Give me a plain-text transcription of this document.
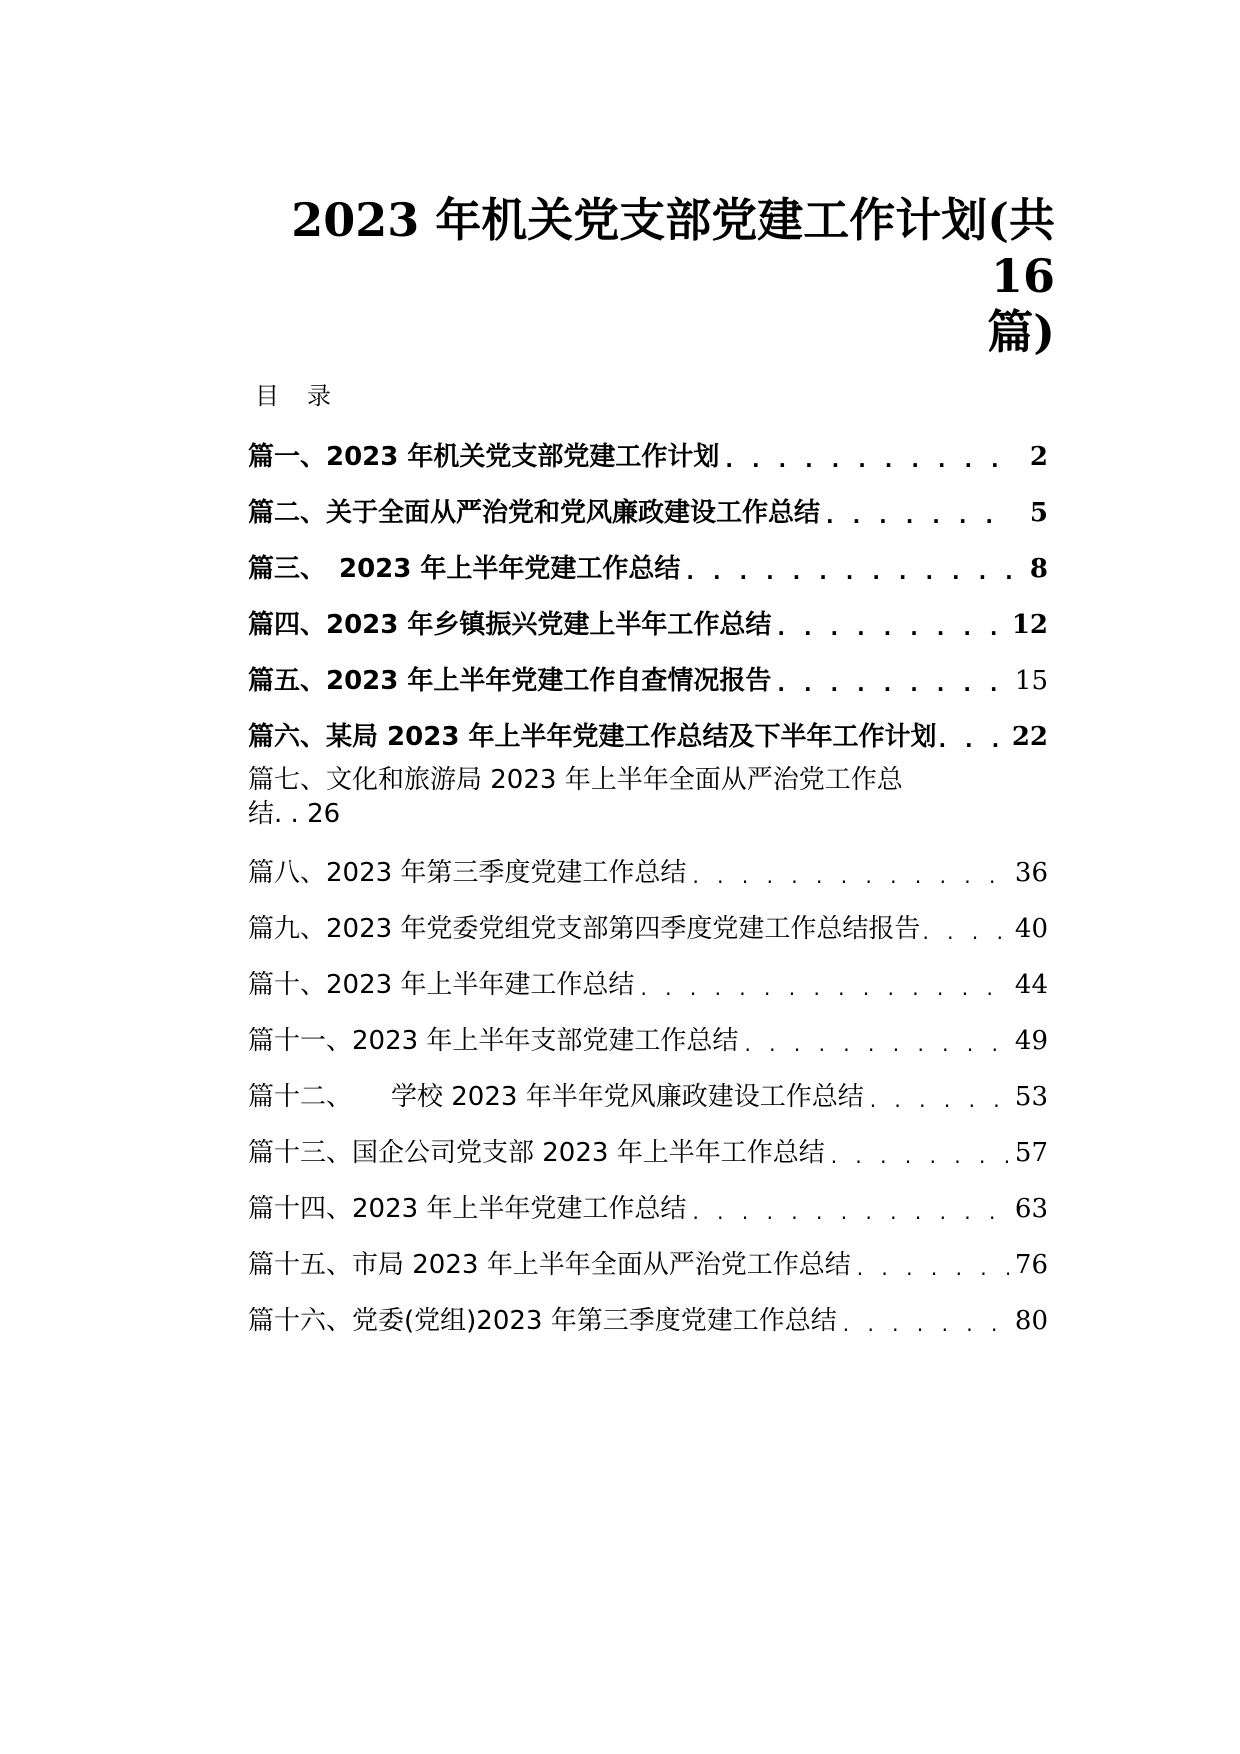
2023 年机关党支部党建工作计划(共 16
篇)
目录
篇一、2023 年机关党支部党建工作计划 . . .	2
篇二、关于全面从严治党和党风廉政建设工作总结 . . .	5
篇三、　2023 年上半年党建工作总结 . . .	8
篇四、2023 年乡镇振兴党建上半年工作总结 . . .	12
篇五、2023 年上半年党建工作自查情况报告 . . .	15
篇六、某局 2023 年上半年党建工作总结及下半年工作计划 . . .	22
篇七、文化和旅游局 2023 年上半年全面从严治党工作总
结. . 26
篇八、2023 年第三季度党建工作总结 . . .	36
篇九、2023 年党委党组党支部第四季度党建工作总结报告 . . .	40
篇十、2023 年上半年建工作总结 . . .	44
篇十一、2023 年上半年支部党建工作总结 . . .	49
篇十二、　　学校 2023 年半年党风廉政建设工作总结 . . .	53
篇十三、国企公司党支部 2023 年上半年工作总结 . . .	57
篇十四、2023 年上半年党建工作总结 . . .	63
篇十五、市局 2023 年上半年全面从严治党工作总结 . . .	76
篇十六、党委(党组)2023 年第三季度党建工作总结 . . .	80
